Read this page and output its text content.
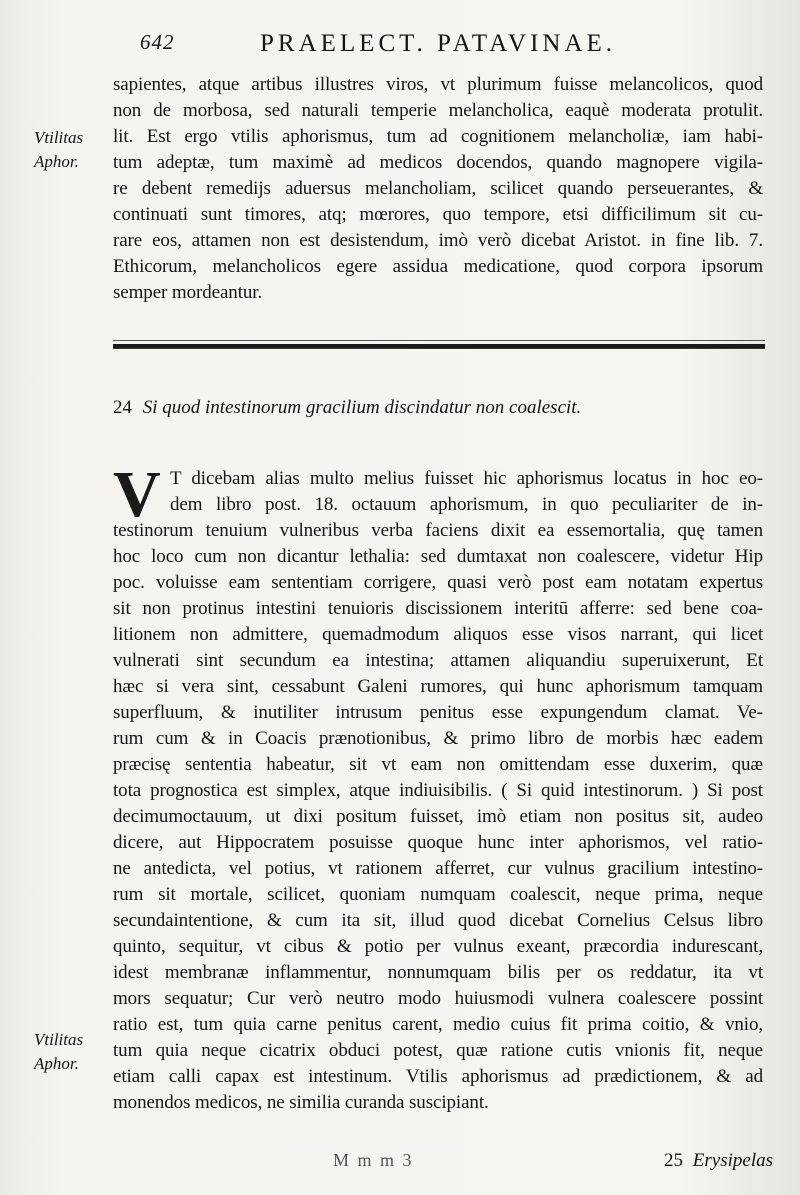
642	PRAELECT. PATAVINAE.
sapientes, atque artibus illustres viros, vt plurimum fuisse melancolicos, quod
non de morbosa, sed naturali temperie melancholica, eaquè moderata protulit.
lit. Est ergo vtilis aphorismus, tum ad cognitionem melancholiæ, iam habi-
tum adeptæ, tum maximè ad medicos docendos, quando magnopere vigila-
re debent remedijs aduersus melancholiam, scilicet quando perseuerantes, &
continuati sunt timores, atq; mœrores, quo tempore, etsi difficilimum sit cu-
rare eos, attamen non est desistendum, imò verò dicebat Aristot. in fine lib. 7.
Ethicorum, melancholicos egere assidua medicatione, quod corpora ipsorum
semper mordeantur.
Vtilitas
Aphor.

24 Si quod intestinorum gracilium discindatur non coalescit.
V T dicebam alias multo melius fuisset hic aphorismus locatus in hoc eo-
dem libro post. 18. octauum aphorismum, in quo peculiariter de in-
testinorum tenuium vulneribus verba faciens dixit ea essemortalia, quę tamen
hoc loco cum non dicantur lethalia: sed dumtaxat non coalescere, videtur Hip
poc. voluisse eam sententiam corrigere, quasi verò post eam notatam expertus
sit non protinus intestini tenuioris discissionem interitū afferre: sed bene coa-
litionem non admittere, quemadmodum aliquos esse visos narrant, qui licet
vulnerati sint secundum ea intestina; attamen aliquandiu superuixerunt, Et
hæc si vera sint, cessabunt Galeni rumores, qui hunc aphorismum tamquam
superfluum, & inutiliter intrusum penitus esse expungendum clamat. Ve-
rum cum & in Coacis prænotionibus, & primo libro de morbis hæc eadem
præcisę sententia habeatur, sit vt eam non omittendam esse duxerim, quæ
tota prognostica est simplex, atque indiuisibilis. ( Si quid intestinorum. ) Si post
decimumoctauum, ut dixi positum fuisset, imò etiam non positus sit, audeo
dicere, aut Hippocratem posuisse quoque hunc inter aphorismos, vel ratio-
ne antedicta, vel potius, vt rationem afferret, cur vulnus gracilium intestino-
rum sit mortale, scilicet, quoniam numquam coalescit, neque prima, neque
secundaintentione, & cum ita sit, illud quod dicebat Cornelius Celsus libro
quinto, sequitur, vt cibus & potio per vulnus exeant, præcordia indurescant,
idest membranæ inflammentur, nonnumquam bilis per os reddatur, ita vt
mors sequatur; Cur verò neutro modo huiusmodi vulnera coalescere possint
ratio est, tum quia carne penitus carent, medio cuius fit prima coitio, & vnio,
tum quia neque cicatrix obduci potest, quæ ratione cutis vnionis fit, neque
etiam calli capax est intestinum. Vtilis aphorismus ad prædictionem, & ad
monendos medicos, ne similia curanda suscipiant.
Vtilitas
Aphor.
M m m 3	25 Erysipelas
